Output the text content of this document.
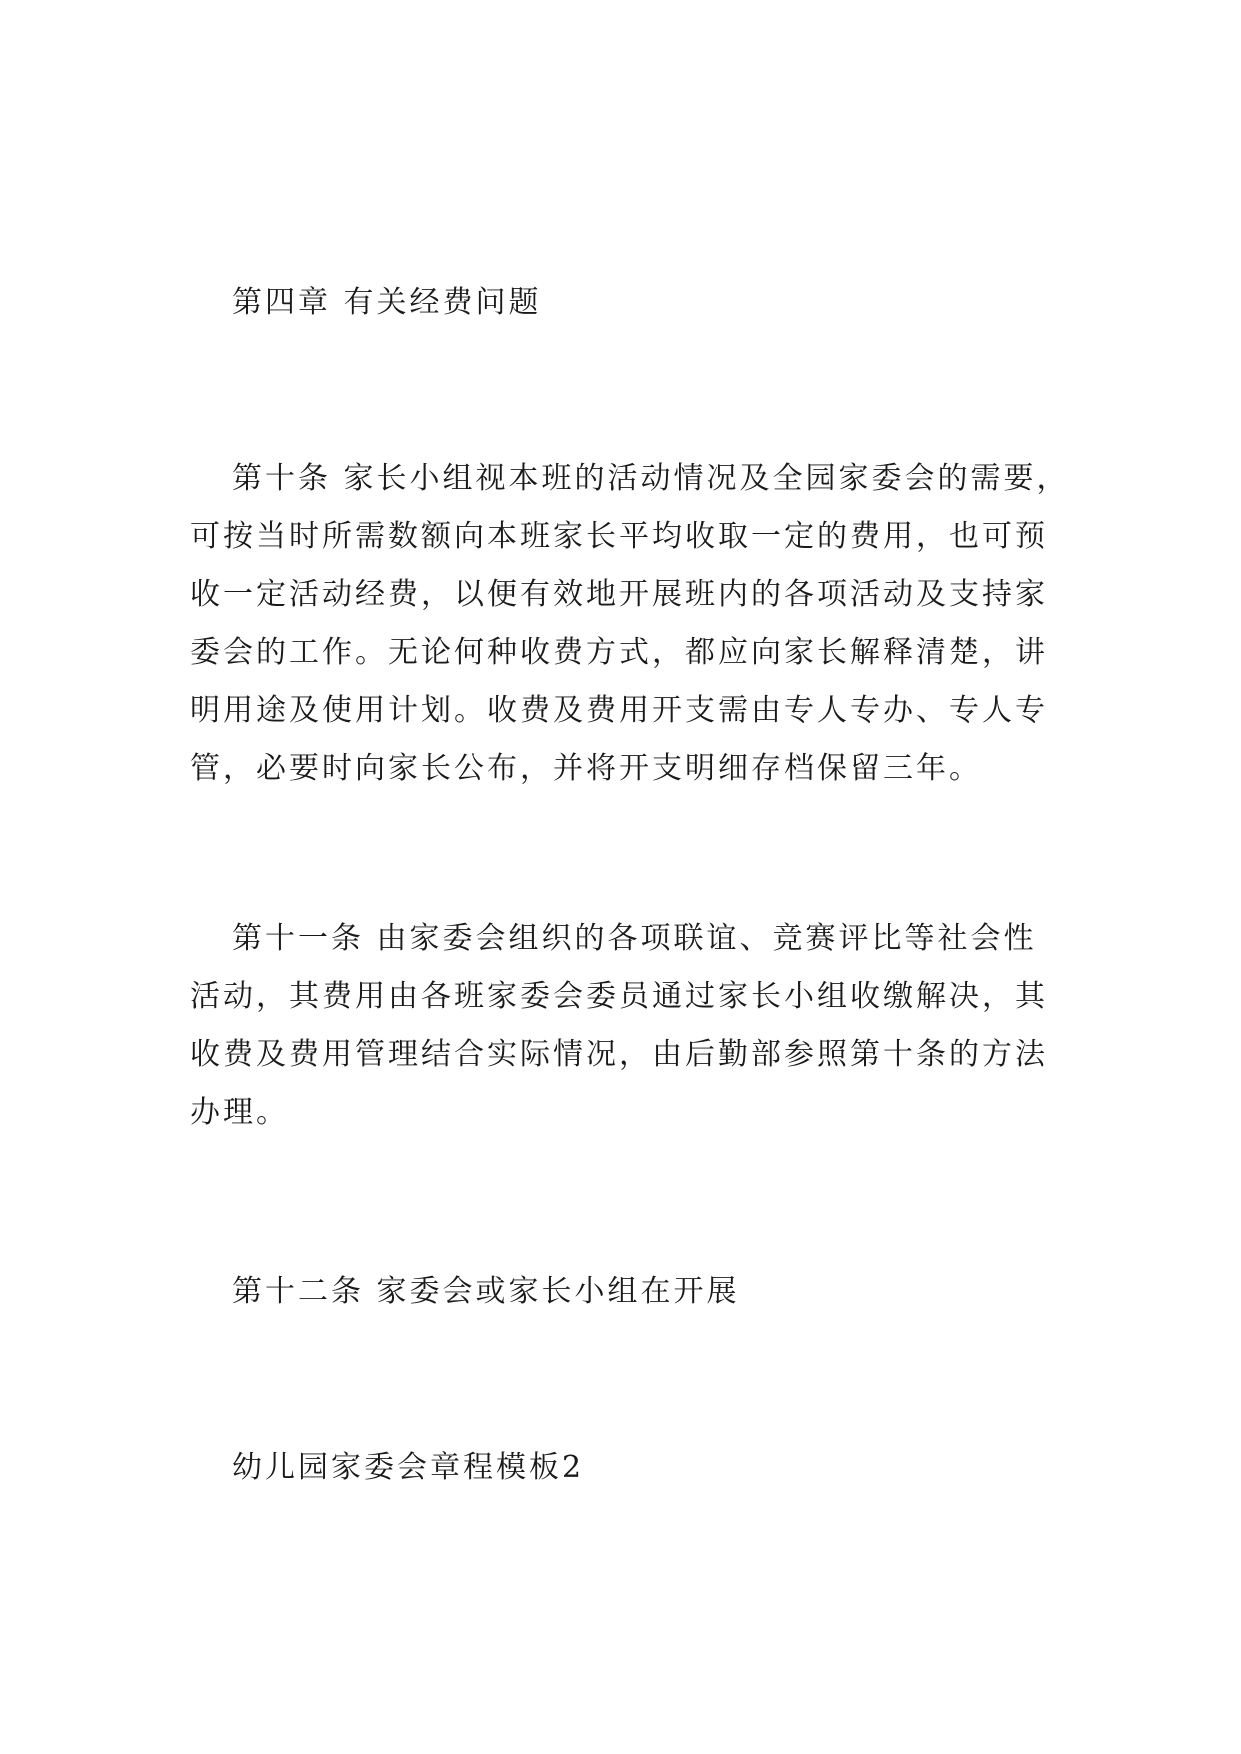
第四章 有关经费问题

第十条 家长小组视本班的活动情况及全园家委会的需要，
可按当时所需数额向本班家长平均收取一定的费用，也可预
收一定活动经费，以便有效地开展班内的各项活动及支持家
委会的工作。无论何种收费方式，都应向家长解释清楚，讲
明用途及使用计划。收费及费用开支需由专人专办、专人专
管，必要时向家长公布，并将开支明细存档保留三年。

第十一条 由家委会组织的各项联谊、竞赛评比等社会性
活动，其费用由各班家委会委员通过家长小组收缴解决，其
收费及费用管理结合实际情况，由后勤部参照第十条的方法
办理。

第十二条 家委会或家长小组在开展

幼儿园家委会章程模板2
